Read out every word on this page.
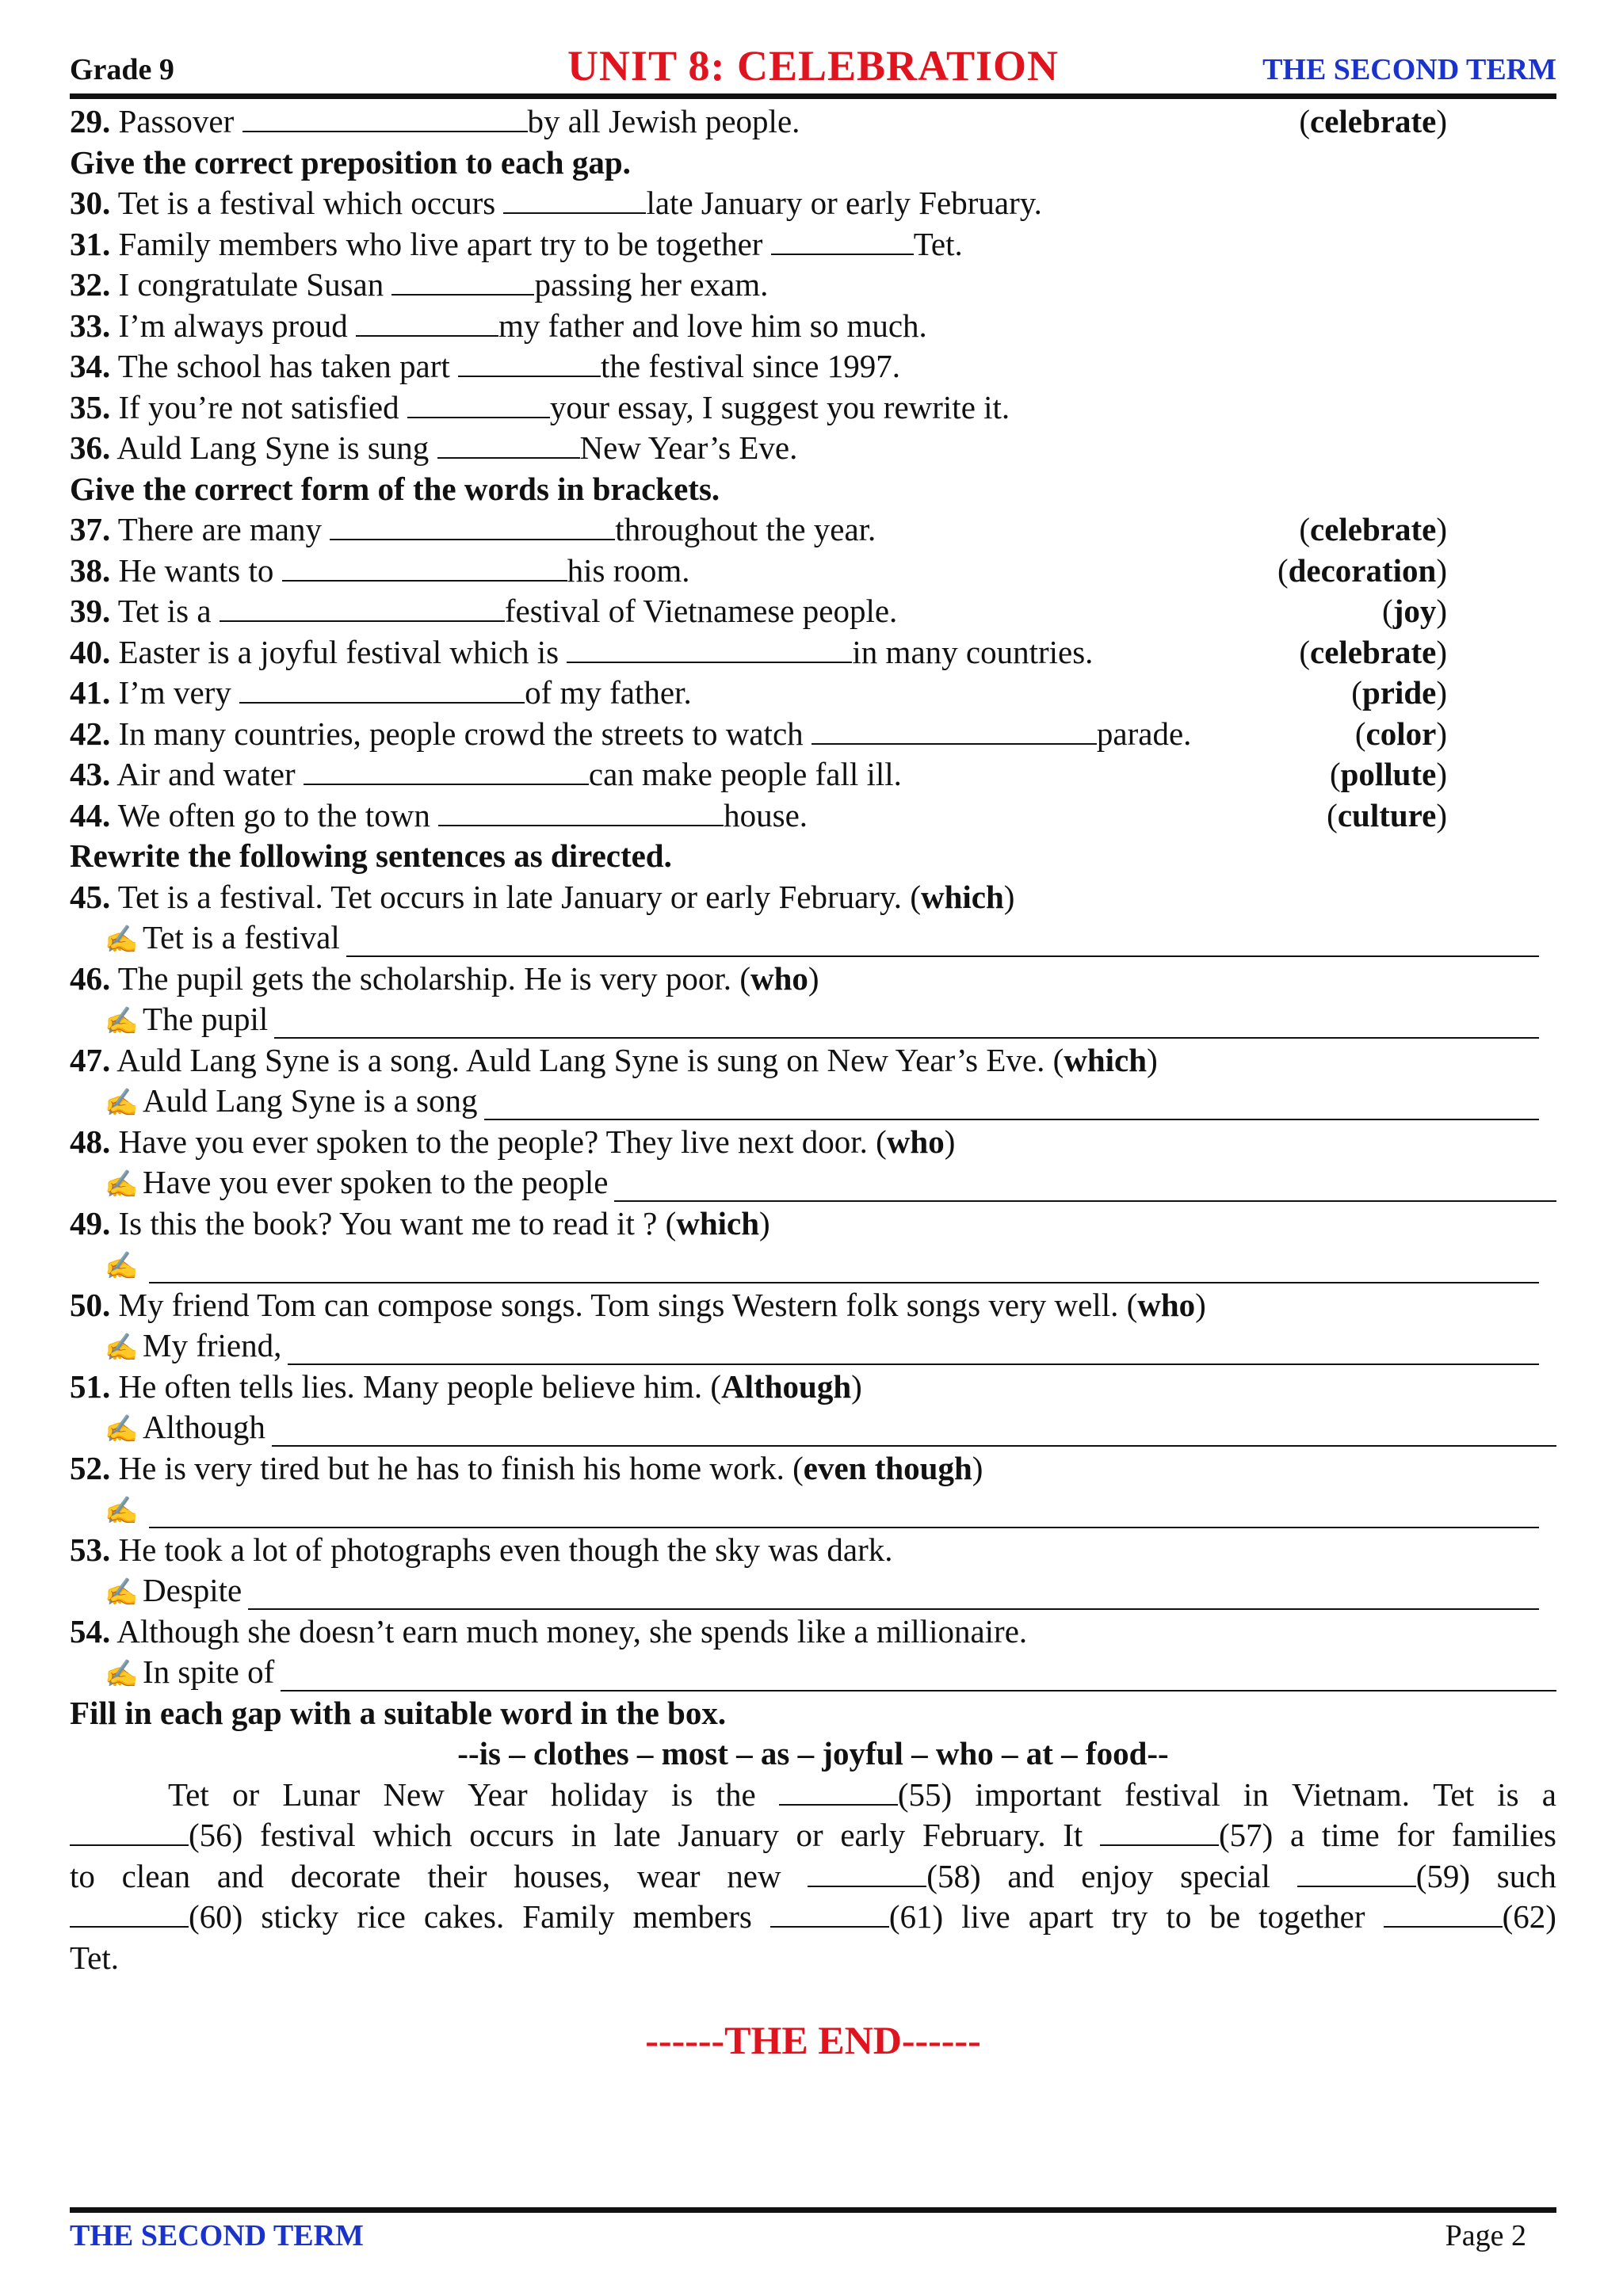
Grade 9	UNIT 8: CELEBRATION	THE SECOND TERM
29. Passover	by all Jewish people.	(celebrate)
Give the correct preposition to each gap.
30. Tet is a festival which occurs	late January or early February.
31. Family members who live apart try to be together	Tet.
32. I congratulate Susan	passing her exam.
33. I’m always proud	my father and love him so much.
34. The school has taken part	the festival since 1997.
35. If you’re not satisfied	your essay, I suggest you rewrite it.
36. Auld Lang Syne is sung	New Year’s Eve.
Give the correct form of the words in brackets.
37. There are many	throughout the year.	(celebrate)
38. He wants to	his room.	(decoration)
39. Tet is a	festival of Vietnamese people.	(joy)
40. Easter is a joyful festival which is	in many countries.	(celebrate)
41. I’m very	of my father.	(pride)
42. In many countries, people crowd the streets to watch	parade.	(color)
43. Air and water	can make people fall ill.	(pollute)
44. We often go to the town	house.	(culture)
Rewrite the following sentences as directed.
45. Tet is a festival. Tet occurs in late January or early February. (which)
✍ Tet is a festival
46. The pupil gets the scholarship. He is very poor. (who)
✍ The pupil
47. Auld Lang Syne is a song. Auld Lang Syne is sung on New Year’s Eve. (which)
✍ Auld Lang Syne is a song
48. Have you ever spoken to the people? They live next door. (who)
✍ Have you ever spoken to the people
49. Is this the book? You want me to read it ? (which)
✍
50. My friend Tom can compose songs. Tom sings Western folk songs very well. (who)
✍ My friend,
51. He often tells lies. Many people believe him. (Although)
✍ Although
52. He is very tired but he has to finish his home work. (even though)
✍
53. He took a lot of photographs even though the sky was dark.
✍ Despite
54. Although she doesn’t earn much money, she spends like a millionaire.
✍ In spite of
Fill in each gap with a suitable word in the box.
--is – clothes – most – as – joyful – who – at – food--
Tet or Lunar New Year holiday is the	(55) important festival in Vietnam. Tet is a
(56) festival which occurs in late January or early February. It	(57) a time for families
to clean and decorate their houses, wear new	(58) and enjoy special	(59) such
(60) sticky rice cakes. Family members	(61) live apart try to be together	(62)
Tet.
------THE END------
THE SECOND TERM	Page 2
